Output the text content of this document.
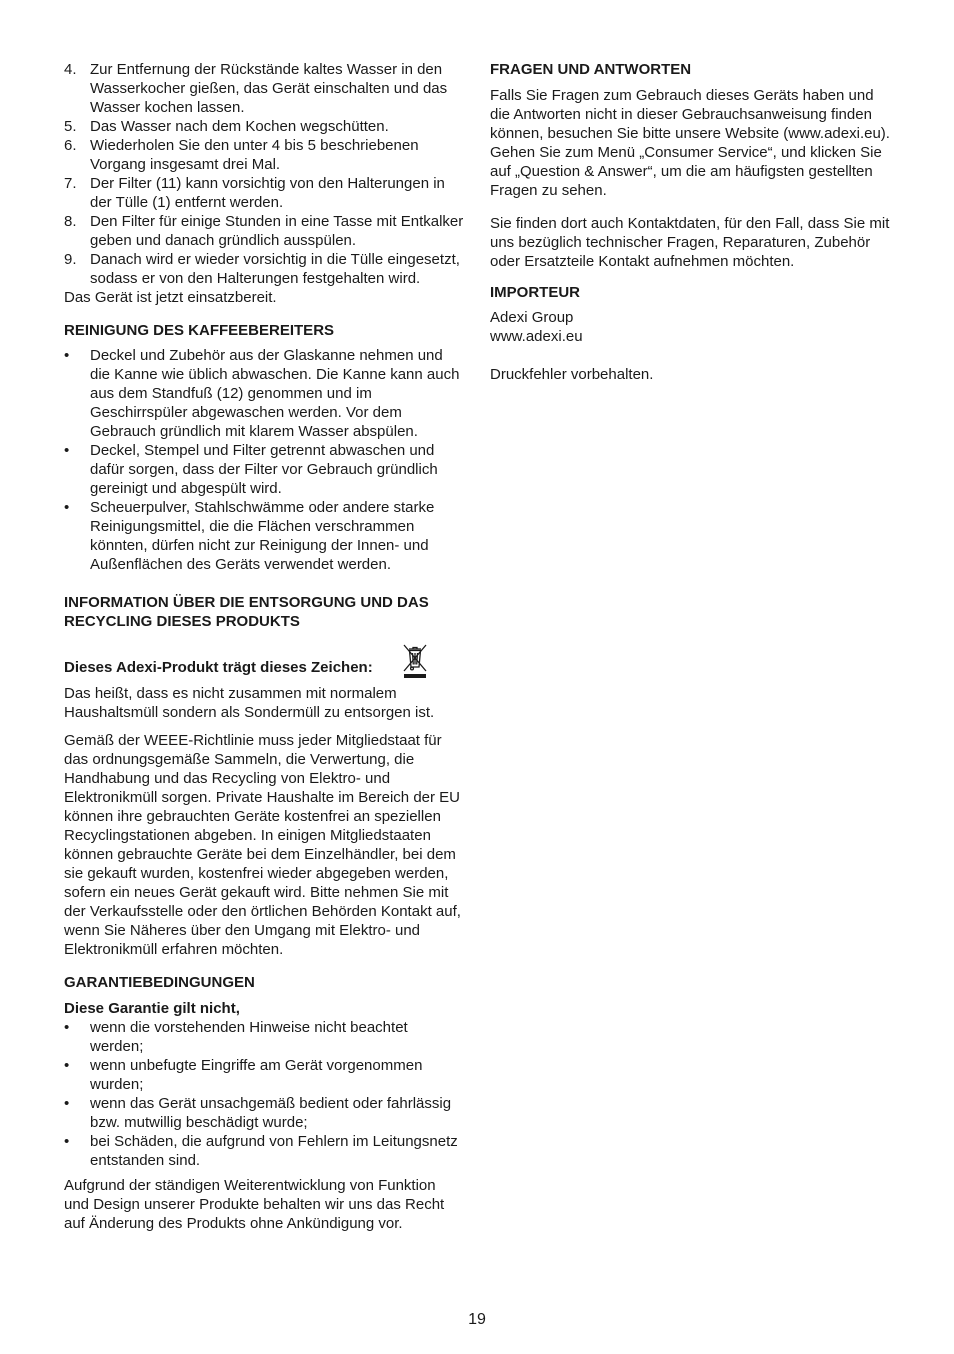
4. Zur Entfernung der Rückstände kaltes Wasser in den Wasserkocher gießen, das Gerät einschalten und das Wasser kochen lassen.
5. Das Wasser nach dem Kochen wegschütten.
6. Wiederholen Sie den unter 4 bis 5 beschriebenen Vorgang insgesamt drei Mal.
7. Der Filter (11) kann vorsichtig von den Halterungen in der Tülle (1) entfernt werden.
8. Den Filter für einige Stunden in eine Tasse mit Entkalker geben und danach gründlich ausspülen.
9. Danach wird er wieder vorsichtig in die Tülle eingesetzt, sodass er von den Halterungen festgehalten wird.

Das Gerät ist jetzt einsatzbereit.

REINIGUNG DES KAFFEEBEREITERS
• Deckel und Zubehör aus der Glaskanne nehmen und die Kanne wie üblich abwaschen. Die Kanne kann auch aus dem Standfuß (12) genommen und im Geschirrspüler abgewaschen werden. Vor dem Gebrauch gründlich mit klarem Wasser abspülen.
• Deckel, Stempel und Filter getrennt abwaschen und dafür sorgen, dass der Filter vor Gebrauch gründlich gereinigt und abgespült wird.
• Scheuerpulver, Stahlschwämme oder andere starke Reinigungsmittel, die die Flächen verschrammen könnten, dürfen nicht zur Reinigung der Innen- und Außenflächen des Geräts verwendet werden.
INFORMATION ÜBER DIE ENTSORGUNG UND DAS RECYCLING DIESES PRODUKTS
Dieses Adexi-Produkt trägt dieses Zeichen:

Das heißt, dass es nicht zusammen mit normalem Haushaltsmüll sondern als Sondermüll zu entsorgen ist.

Gemäß der WEEE-Richtlinie muss jeder Mitgliedstaat für das ordnungsgemäße Sammeln, die Verwertung, die Handhabung und das Recycling von Elektro- und Elektronikmüll sorgen. Private Haushalte im Bereich der EU können ihre gebrauchten Geräte kostenfrei an speziellen Recyclingstationen abgeben. In einigen Mitgliedstaaten können gebrauchte Geräte bei dem Einzelhändler, bei dem sie gekauft wurden, kostenfrei wieder abgegeben werden, sofern ein neues Gerät gekauft wird. Bitte nehmen Sie mit der Verkaufsstelle oder den örtlichen Behörden Kontakt auf, wenn Sie Näheres über den Umgang mit Elektro- und Elektronikmüll erfahren möchten.

GARANTIEBEDINGUNGEN

Diese Garantie gilt nicht,

• wenn die vorstehenden Hinweise nicht beachtet werden;
• wenn unbefugte Eingriffe am Gerät vorgenommen wurden;
• wenn das Gerät unsachgemäß bedient oder fahrlässig bzw. mutwillig beschädigt wurde;
• bei Schäden, die aufgrund von Fehlern im Leitungsnetz entstanden sind.

Aufgrund der ständigen Weiterentwicklung von Funktion und Design unserer Produkte behalten wir uns das Recht auf Änderung des Produkts ohne Ankündigung vor.

FRAGEN UND ANTWORTEN

Falls Sie Fragen zum Gebrauch dieses Geräts haben und die Antworten nicht in dieser Gebrauchsanweisung finden können, besuchen Sie bitte unsere Website (www.adexi.eu).

Gehen Sie zum Menü „Consumer Service“, und klicken Sie auf „Question & Answer“, um die am häufigsten gestellten Fragen zu sehen.

Sie finden dort auch Kontaktdaten, für den Fall, dass Sie mit uns bezüglich technischer Fragen, Reparaturen, Zubehör oder Ersatzteile Kontakt aufnehmen möchten.

IMPORTEUR

Adexi Group

www.adexi.eu

Druckfehler vorbehalten.

19
